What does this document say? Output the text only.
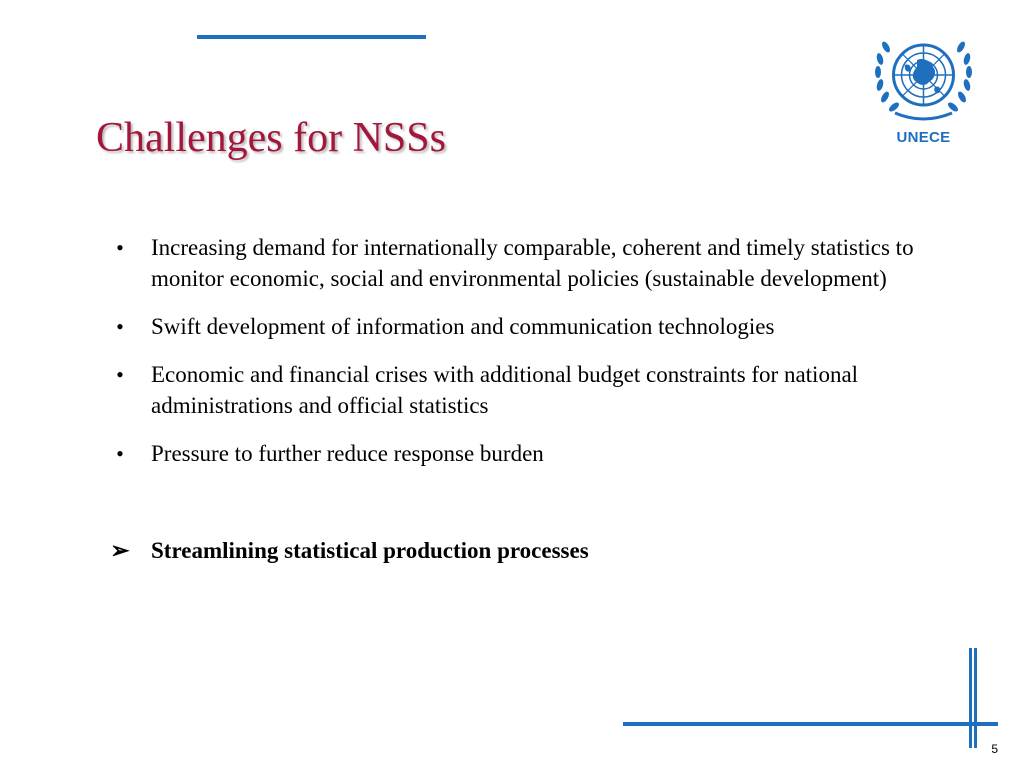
Challenges for NSSs	UNECE
• Increasing demand for internationally comparable, coherent and timely statistics to monitor economic, social and environmental policies (sustainable development)
• Swift development of information and communication technologies
• Economic and financial crises with additional budget constraints for national administrations and official statistics
• Pressure to further reduce response burden
➢ Streamlining statistical production processes
5
